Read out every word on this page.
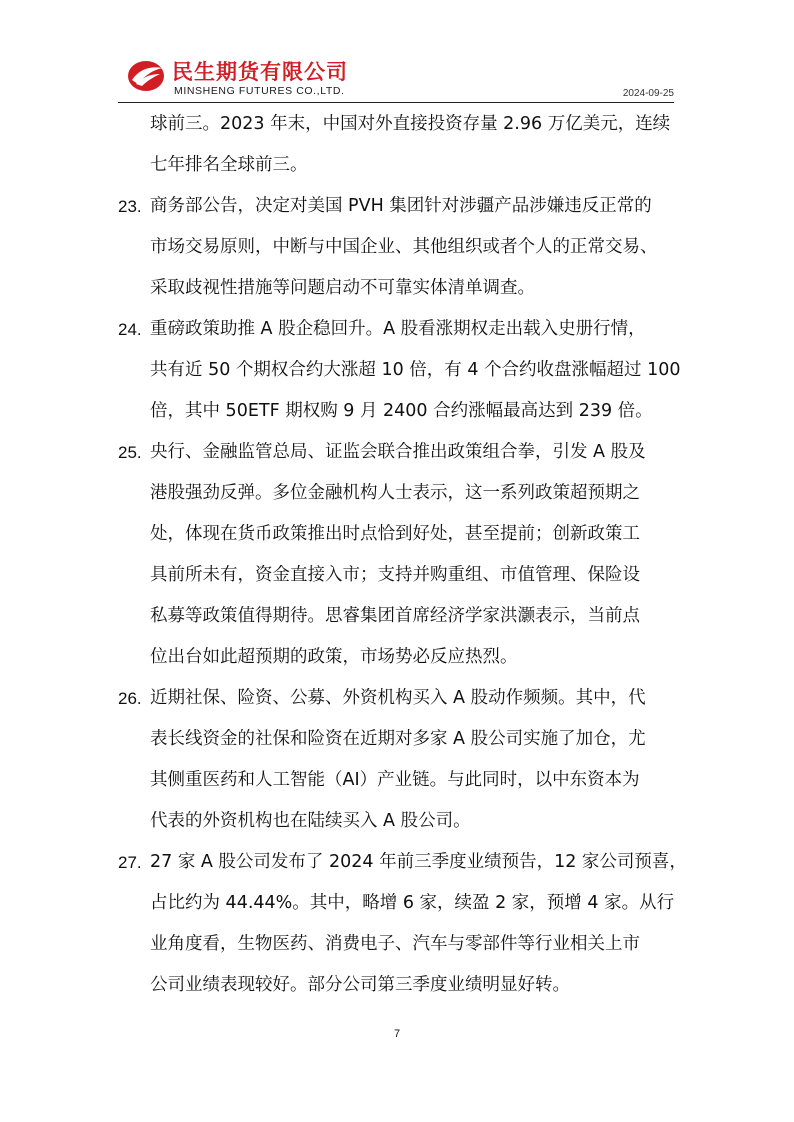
民生期货有限公司
MINSHENG FUTURES CO.,LTD.	2024-09-25
球前三。2023 年末，中国对外直接投资存量 2.96 万亿美元，连续
七年排名全球前三。
23. 商务部公告，决定对美国 PVH 集团针对涉疆产品涉嫌违反正常的
市场交易原则，中断与中国企业、其他组织或者个人的正常交易、
采取歧视性措施等问题启动不可靠实体清单调查。
24. 重磅政策助推 A 股企稳回升。A 股看涨期权走出载入史册行情，
共有近 50 个期权合约大涨超 10 倍，有 4 个合约收盘涨幅超过 100
倍，其中 50ETF 期权购 9 月 2400 合约涨幅最高达到 239 倍。
25. 央行、金融监管总局、证监会联合推出政策组合拳，引发 A 股及
港股强劲反弹。多位金融机构人士表示，这一系列政策超预期之
处，体现在货币政策推出时点恰到好处，甚至提前；创新政策工
具前所未有，资金直接入市；支持并购重组、市值管理、保险设
私募等政策值得期待。思睿集团首席经济学家洪灏表示，当前点
位出台如此超预期的政策，市场势必反应热烈。
26. 近期社保、险资、公募、外资机构买入 A 股动作频频。其中，代
表长线资金的社保和险资在近期对多家 A 股公司实施了加仓，尤
其侧重医药和人工智能（AI）产业链。与此同时，以中东资本为
代表的外资机构也在陆续买入 A 股公司。
27. 27 家 A 股公司发布了 2024 年前三季度业绩预告，12 家公司预喜，
占比约为 44.44%。其中，略增 6 家，续盈 2 家，预增 4 家。从行
业角度看，生物医药、消费电子、汽车与零部件等行业相关上市
公司业绩表现较好。部分公司第三季度业绩明显好转。
7
